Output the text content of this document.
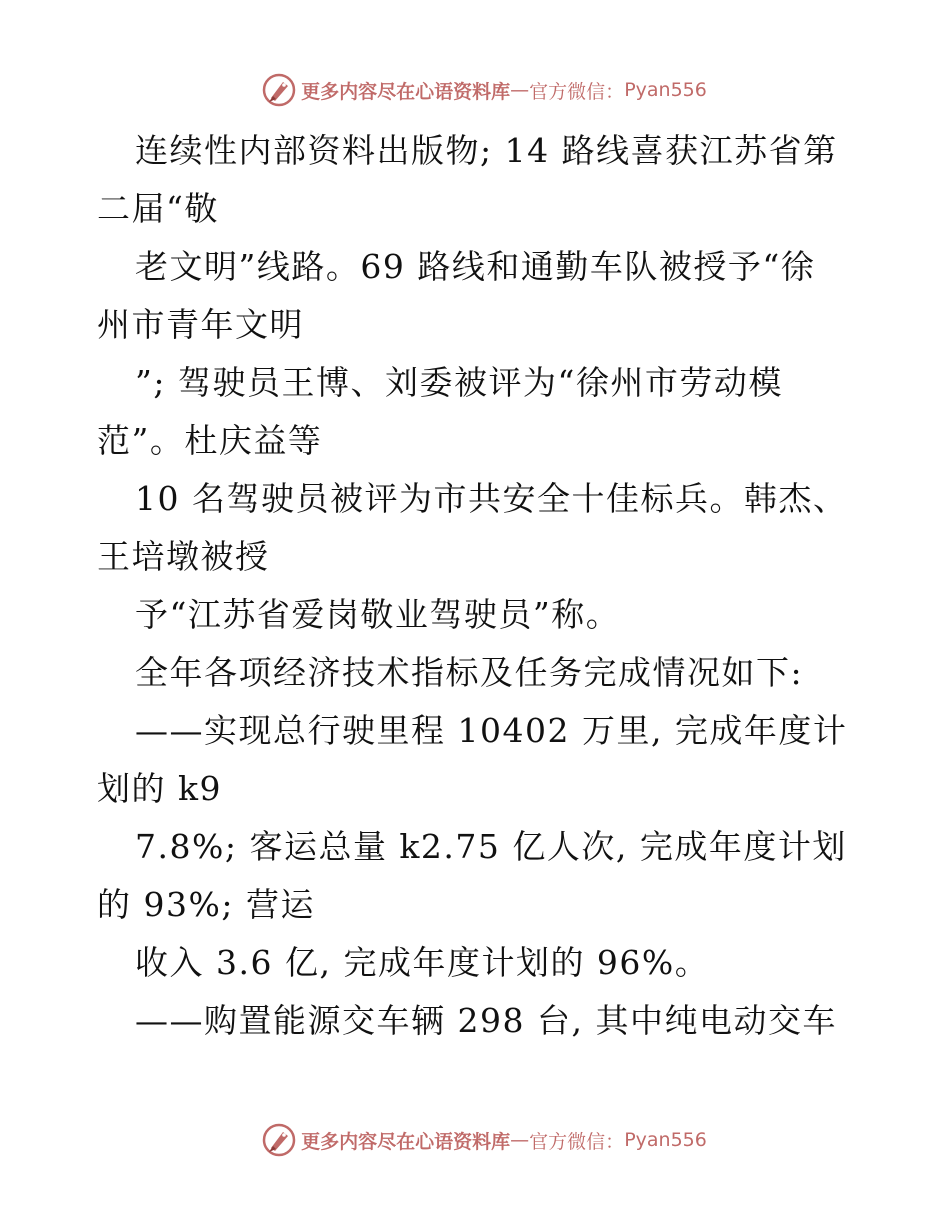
更多内容尽在心语资料库 — 官方微信： Pyan556
连续性内部资料出版物; 14 路线喜获江苏省第
二届“敬
老文明”线路。69 路线和通勤车队被授予“徐
州市青年文明
”; 驾驶员王博、刘委被评为“徐州市劳动模
范”。杜庆益等
10 名驾驶员被评为市共安全十佳标兵。韩杰、
王培墩被授
予“江苏省爱岗敬业驾驶员”称。
全年各项经济技术指标及任务完成情况如下:
——实现总行驶里程 10402 万里, 完成年度计
划的 k9
7.8%; 客运总量 k2.75 亿人次, 完成年度计划
的 93%; 营运
收入 3.6 亿, 完成年度计划的 96%。
——购置能源交车辆 298 台, 其中纯电动交车
更多内容尽在心语资料库 — 官方微信： Pyan556
